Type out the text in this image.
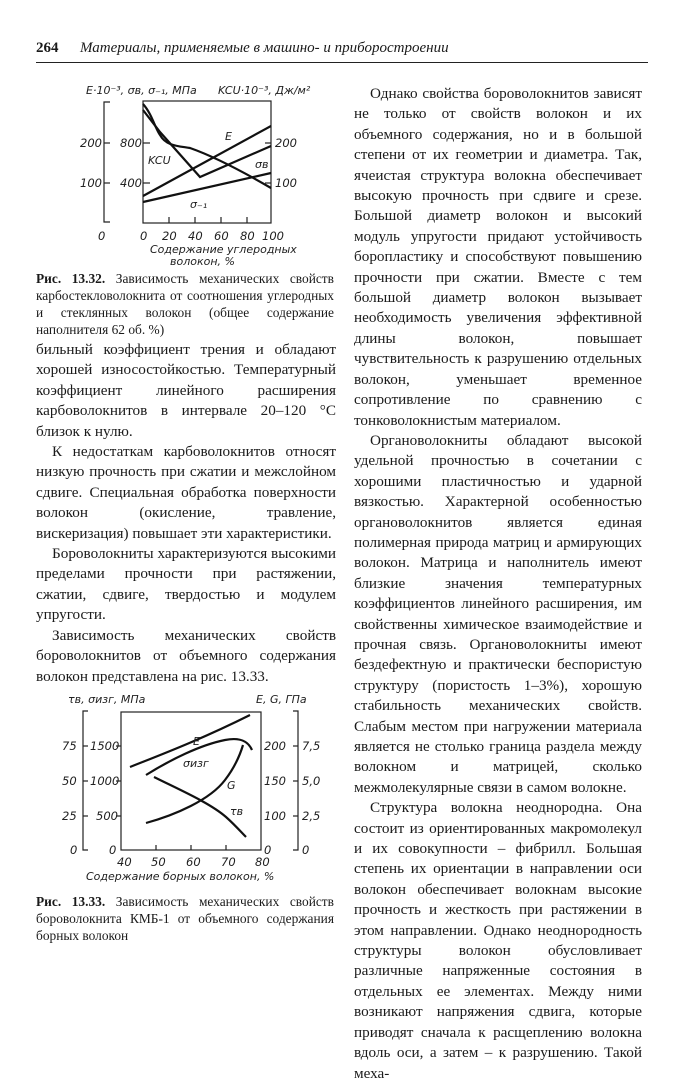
264 Материалы, применяемые в машино- и приборостроении
E·10⁻³, σв, σ₋₁, МПа KCU·10⁻³, Дж/м²
200
100
0
800
400
200
100
0 20 40 60 80 100
Содержание углеродных
волокон, %
E
KCU	σв
σ₋₁
Рис. 13.32. Зависимость механических свойств карбостекловолокнита от соотношения углеродных и стеклянных волокон (общее содержание наполнителя 62 об. %)

бильный коэффициент трения и обладают хорошей износостойкостью. Температурный коэффициент линейного расширения карбоволокнитов в интервале 20–120 °С близок к нулю.

К недостаткам карбоволокнитов относят низкую прочность при сжатии и межслойном сдвиге. Специальная обработка поверхности волокон (окисление, травление, вискеризация) повышает эти характеристики.

Бороволокниты характеризуются высокими пределами прочности при растяжении, сжатии, сдвиге, твердостью и модулем упругости.

Зависимость механических свойств бороволокнитов от объемного содержания волокон представлена на рис. 13.33.

τв, σизг, МПа	E, G, ГПа
75
50
25
0
1500
1000
500
0
200
150
100
0
7,5
5,0
2,5
0
40 50 60 70 80
Содержание борных волокон, %
E
σизг
G
τв
Рис. 13.33. Зависимость механических свойств бороволокнита КМБ-1 от объемного содержания борных волокон

Однако свойства бороволокнитов зависят не только от свойств волокон и их объемного содержания, но и в большой степени от их геометрии и диаметра. Так, ячеистая структура волокна обеспечивает высокую прочность при сдвиге и срезе. Большой диаметр волокон и высокий модуль упругости придают устойчивость боропластику и способствуют повышению прочности при сжатии. Вместе с тем большой диаметр волокон вызывает необходимость увеличения эффективной длины волокон, повышает чувствительность к разрушению отдельных волокон, уменьшает временное сопротивление по сравнению с тонковолокнистым материалом.

Органоволокниты обладают высокой удельной прочностью в сочетании с хорошими пластичностью и ударной вязкостью. Характерной особенностью органоволокнитов является единая полимерная природа матриц и армирующих волокон. Матрица и наполнитель имеют близкие значения температурных коэффициентов линейного расширения, им свойственны химическое взаимодействие и прочная связь. Органоволокниты имеют бездефектную и практически беспористую структуру (пористость 1–3%), хорошую стабильность механических свойств. Слабым местом при нагружении материала является не столько граница раздела между волокном и матрицей, сколько межмолекулярные связи в самом волокне.

Структура волокна неоднородна. Она состоит из ориентированных макромолекул и их совокупности – фибрилл. Большая степень их ориентации в направлении оси волокон обеспечивает волокнам высокие прочность и жесткость при растяжении в этом направлении. Однако неоднородность структуры волокон обусловливает различные напряженные состояния в отдельных ее элементах. Между ними возникают напряжения сдвига, которые приводят сначала к расщеплению волокна вдоль оси, а затем – к разрушению. Такой меха-
